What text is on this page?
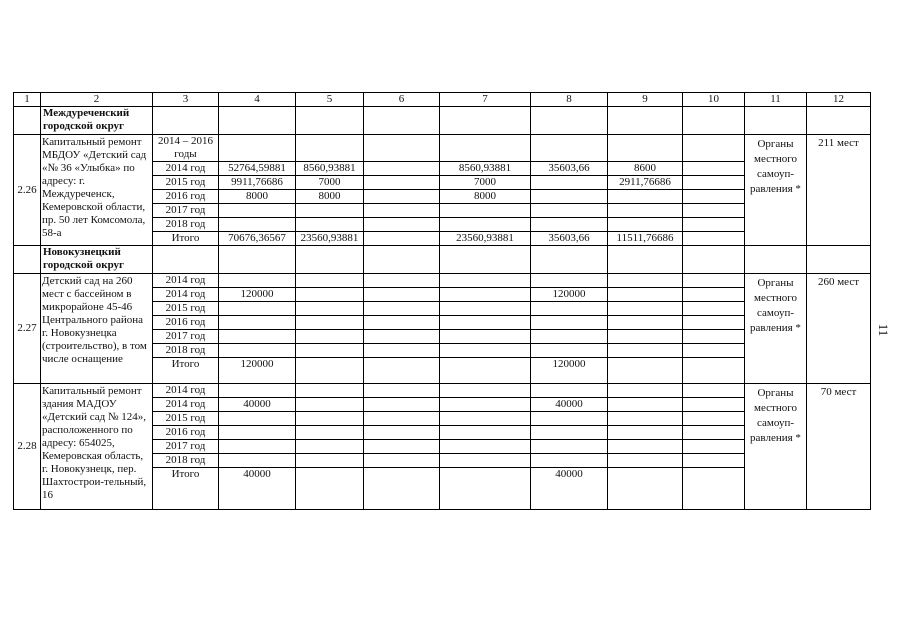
1	2	3	4	5	6	7	8	9	10	11	12
	Междуреченский городской округ										
2.26	Капитальный ремонт МБДОУ «Детский сад «№ 36 «Улыбка» по адресу: г. Междуреченск, Кемеровской области, пр. 50 лет Комсомола, 58-а	2014 – 2016 годы								Органы местного самоуп-равления *	211 мест
		2014 год	52764,59881	8560,93881		8560,93881	35603,66	8600			
		2015 год	9911,76686	7000		7000		2911,76686			
		2016 год	8000	8000		8000					
		2017 год									
		2018 год									
		Итого	70676,36567	23560,93881		23560,93881	35603,66	11511,76686			
	Новокузнецкий городской округ										
2.27	Детский сад на 260 мест с бассейном в микрорайоне 45-46 Центрального района г. Новокузнецка (строительство), в том числе оснащение	2014 год								Органы местного самоуп-равления *	260 мест
		2014 год	120000				120000				
		2015 год									
		2016 год									
		2017 год									
		2018 год									
		Итого	120000				120000				
2.28	Капитальный ремонт здания МАДОУ «Детский сад № 124», расположенного по адресу: 654025, Кемеровская область, г. Новокузнецк, пер. Шахтострои-тельный, 16	2014 год								Органы местного самоуп-равления *	70 мест
		2014 год	40000				40000				
		2015 год									
		2016 год									
		2017 год									
		2018 год									
		Итого	40000				40000				
11
